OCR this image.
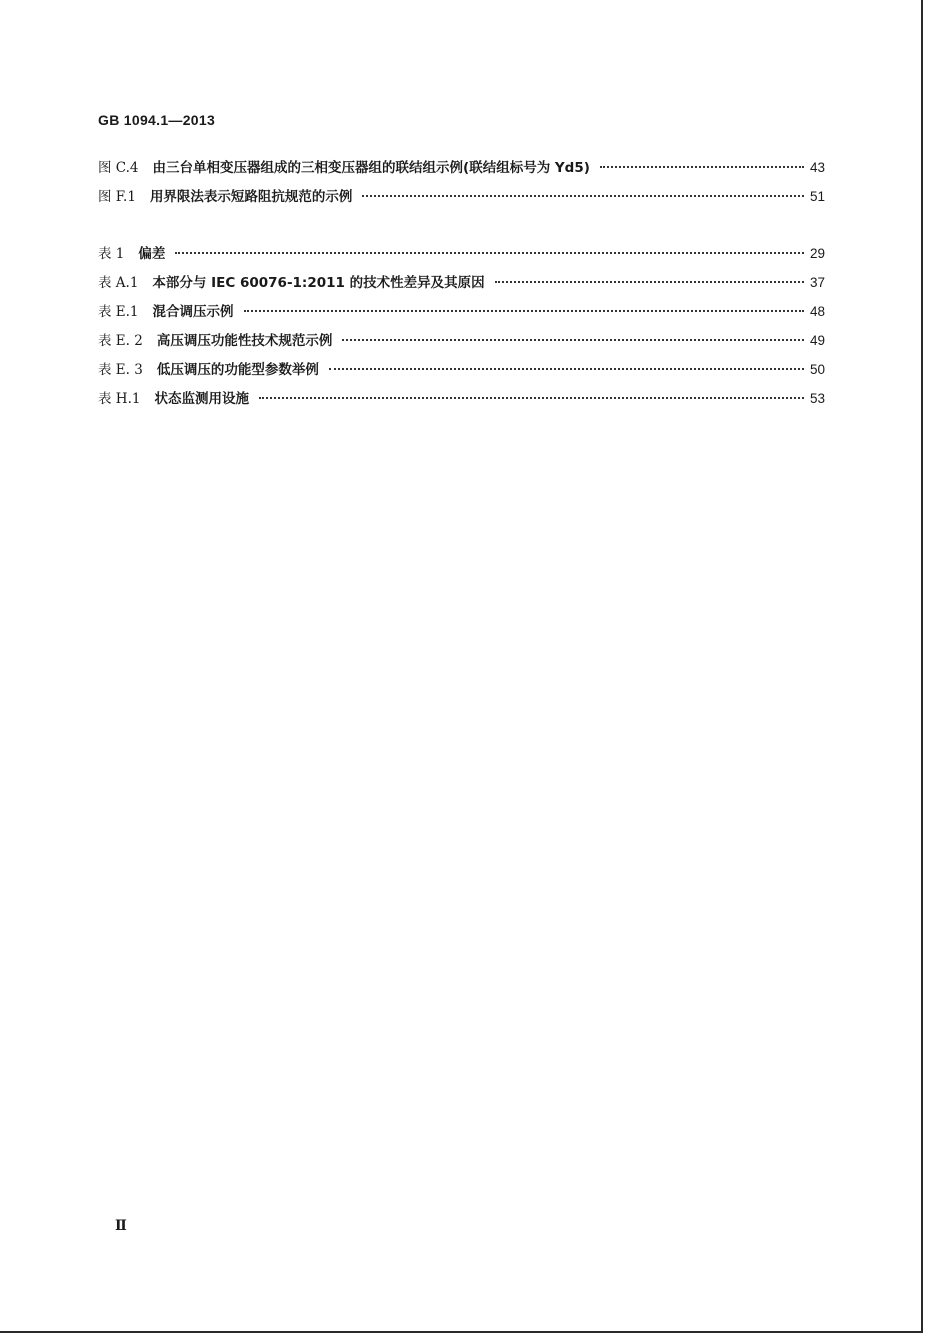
GB 1094.1—2013
图 C.4 由三台单相变压器组成的三相变压器组的联结组示例(联结组标号为 Yd5)	43
图 F.1 用界限法表示短路阻抗规范的示例	51
表 1 偏差	29
表 A.1 本部分与 IEC 60076-1:2011 的技术性差异及其原因	37
表 E.1 混合调压示例	48
表 E. 2 高压调压功能性技术规范示例	49
表 E. 3 低压调压的功能型参数举例	50
表 H.1 状态监测用设施	53
Ⅱ
